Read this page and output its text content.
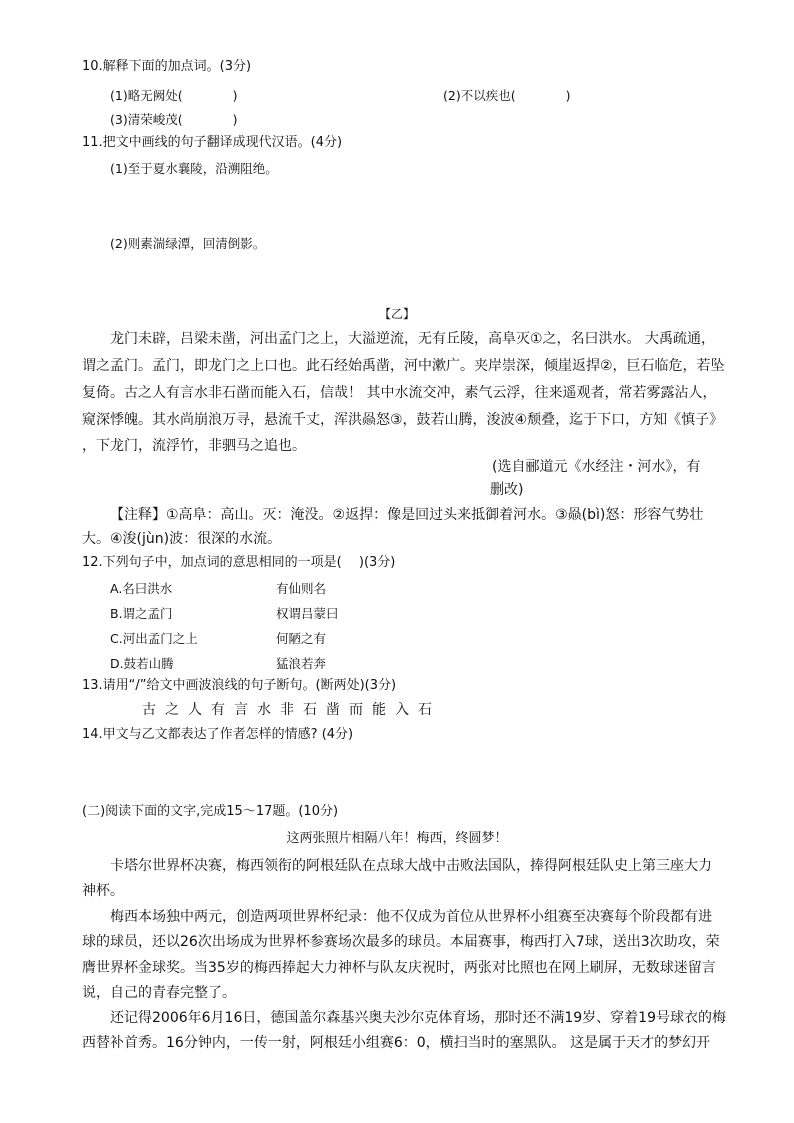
10.解释下面的加点词。(3分)
(1)略无阙处(　　　　)	(2)不以疾也(　　　　)
(3)清荣峻茂(　　　　)
11.把文中画线的句子翻译成现代汉语。(4分)
(1)至于夏水襄陵，沿溯阻绝。
(2)则素湍绿潭，回清倒影。
【乙】
龙门未辟，吕梁未凿，河出孟门之上，大溢逆流，无有丘陵，高阜灭①之，名曰洪水。 大禹疏通，
谓之孟门。孟门，即龙门之上口也。此石经始禹凿，河中漱广。夹岸崇深，倾崖返捍②，巨石临危，若坠
复倚。古之人有言水非石凿而能入石，信哉！ 其中水流交冲，素气云浮，往来遥观者，常若雾露沾人，
窥深悸魄。其水尚崩浪万寻，悬流千丈，浑洪赑怒③，鼓若山腾，浚波④颓叠，迄于下口，方知《慎子》
，下龙门，流浮竹，非驷马之追也。
(选自郦道元《水经注・河水》，有
删改)
【注释】①高阜：高山。灭：淹没。②返捍：像是回过头来抵御着河水。③赑(bì)怒：形容气势壮
大。④浚(jùn)波：很深的水流。
12.下列句子中，加点词的意思相同的一项是(　 )(3分)
A.名曰洪水	有仙则名
B.谓之孟门	权谓吕蒙曰
C.河出孟门之上	何陋之有
D.鼓若山腾	猛浪若奔
13.请用“/”给文中画波浪线的句子断句。(断两处)(3分)
古之人有言水非石凿而能入石
14.甲文与乙文都表达了作者怎样的情感? (4分)
(二)阅读下面的文字,完成15～17题。(10分)
这两张照片相隔八年！梅西，终圆梦！
卡塔尔世界杯决赛，梅西领衔的阿根廷队在点球大战中击败法国队，捧得阿根廷队史上第三座大力
神杯。
梅西本场独中两元，创造两项世界杯纪录：他不仅成为首位从世界杯小组赛至决赛每个阶段都有进
球的球员，还以26次出场成为世界杯参赛场次最多的球员。本届赛事，梅西打入7球，送出3次助攻，荣
膺世界杯金球奖。当35岁的梅西捧起大力神杯与队友庆祝时，两张对比照也在网上刷屏，无数球迷留言
说，自己的青春完整了。
还记得2006年6月16日，德国盖尔森基兴奥夫沙尔克体育场，那时还不满19岁、穿着19号球衣的梅
西替补首秀。16分钟内，一传一射，阿根廷小组赛6：0，横扫当时的塞黑队。 这是属于天才的梦幻开
